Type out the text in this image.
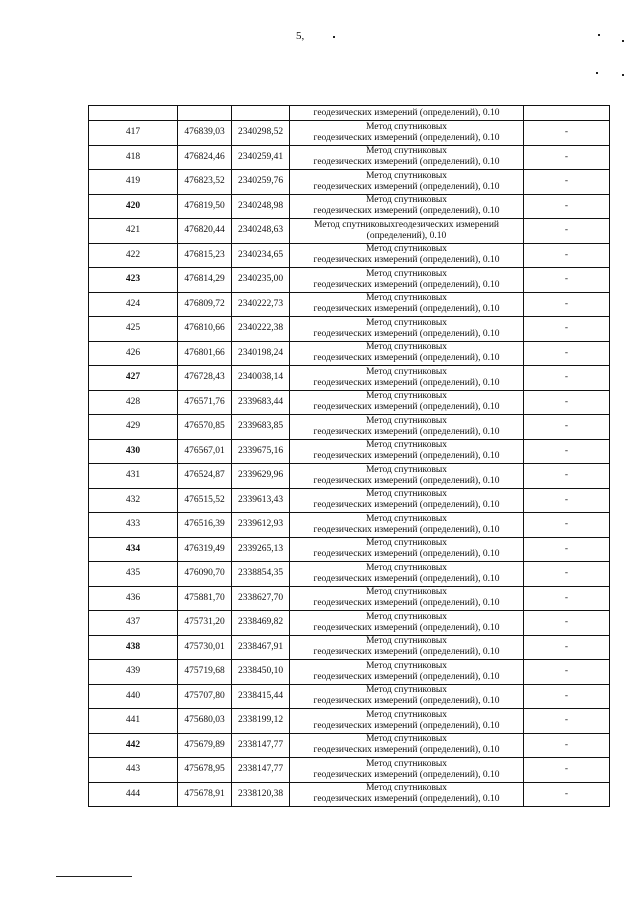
5,
			геодезических измерений (определений), 0.10	
417	476839,03	2340298,52	Метод спутниковых
геодезических измерений (определений), 0.10	-
418	476824,46	2340259,41	Метод спутниковых
геодезических измерений (определений), 0.10	-
419	476823,52	2340259,76	Метод спутниковых
геодезических измерений (определений), 0.10	-
420	476819,50	2340248,98	Метод спутниковых
геодезических измерений (определений), 0.10	-
421	476820,44	2340248,63	Метод спутниковыхгеодезических измерений
(определений), 0.10	-
422	476815,23	2340234,65	Метод спутниковых
геодезических измерений (определений), 0.10	-
423	476814,29	2340235,00	Метод спутниковых
геодезических измерений (определений), 0.10	-
424	476809,72	2340222,73	Метод спутниковых
геодезических измерений (определений), 0.10	-
425	476810,66	2340222,38	Метод спутниковых
геодезических измерений (определений), 0.10	-
426	476801,66	2340198,24	Метод спутниковых
геодезических измерений (определений), 0.10	-
427	476728,43	2340038,14	Метод спутниковых
геодезических измерений (определений), 0.10	-
428	476571,76	2339683,44	Метод спутниковых
геодезических измерений (определений), 0.10	-
429	476570,85	2339683,85	Метод спутниковых
геодезических измерений (определений), 0.10	-
430	476567,01	2339675,16	Метод спутниковых
геодезических измерений (определений), 0.10	-
431	476524,87	2339629,96	Метод спутниковых
геодезических измерений (определений), 0.10	-
432	476515,52	2339613,43	Метод спутниковых
геодезических измерений (определений), 0.10	-
433	476516,39	2339612,93	Метод спутниковых
геодезических измерений (определений), 0.10	-
434	476319,49	2339265,13	Метод спутниковых
геодезических измерений (определений), 0.10	-
435	476090,70	2338854,35	Метод спутниковых
геодезических измерений (определений), 0.10	-
436	475881,70	2338627,70	Метод спутниковых
геодезических измерений (определений), 0.10	-
437	475731,20	2338469,82	Метод спутниковых
геодезических измерений (определений), 0.10	-
438	475730,01	2338467,91	Метод спутниковых
геодезических измерений (определений), 0.10	-
439	475719,68	2338450,10	Метод спутниковых
геодезических измерений (определений), 0.10	-
440	475707,80	2338415,44	Метод спутниковых
геодезических измерений (определений), 0.10	-
441	475680,03	2338199,12	Метод спутниковых
геодезических измерений (определений), 0.10	-
442	475679,89	2338147,77	Метод спутниковых
геодезических измерений (определений), 0.10	-
443	475678,95	2338147,77	Метод спутниковых
геодезических измерений (определений), 0.10	-
444	475678,91	2338120,38	Метод спутниковых
геодезических измерений (определений), 0.10	-
